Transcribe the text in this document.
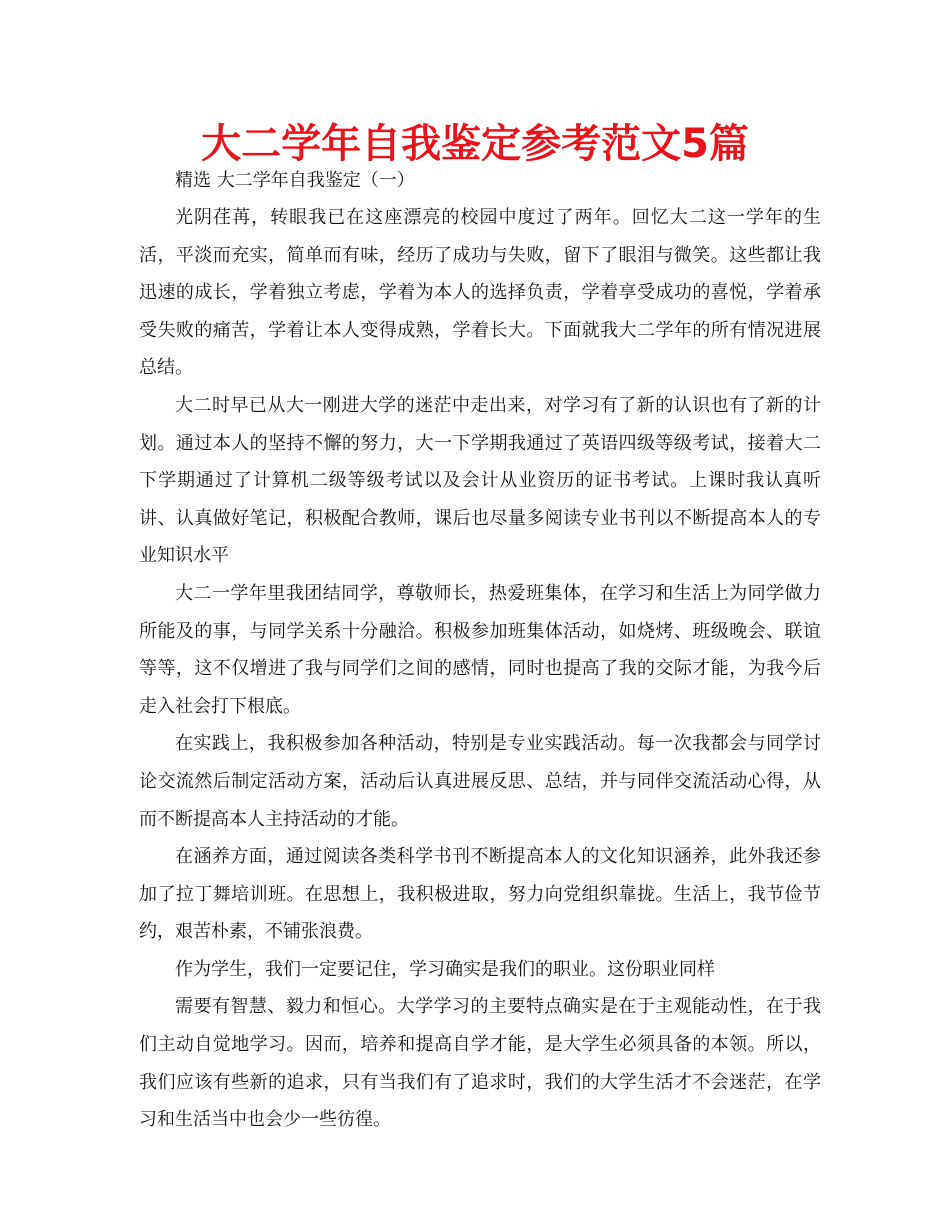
大二学年自我鉴定参考范文5篇

精选 大二学年自我鉴定（一）

光阴荏苒，转眼我已在这座漂亮的校园中度过了两年。回忆大二这一学年的生活，平淡而充实，简单而有味，经历了成功与失败，留下了眼泪与微笑。这些都让我迅速的成长，学着独立考虑，学着为本人的选择负责，学着享受成功的喜悦，学着承受失败的痛苦，学着让本人变得成熟，学着长大。下面就我大二学年的所有情况进展总结。

大二时早已从大一刚进大学的迷茫中走出来，对学习有了新的认识也有了新的计划。通过本人的坚持不懈的努力，大一下学期我通过了英语四级等级考试，接着大二下学期通过了计算机二级等级考试以及会计从业资历的证书考试。上课时我认真听讲、认真做好笔记，积极配合教师，课后也尽量多阅读专业书刊以不断提高本人的专业知识水平

大二一学年里我团结同学，尊敬师长，热爱班集体，在学习和生活上为同学做力所能及的事，与同学关系十分融洽。积极参加班集体活动，如烧烤、班级晚会、联谊等等，这不仅增进了我与同学们之间的感情，同时也提高了我的交际才能，为我今后走入社会打下根底。

在实践上，我积极参加各种活动，特别是专业实践活动。每一次我都会与同学讨论交流然后制定活动方案，活动后认真进展反思、总结，并与同伴交流活动心得，从而不断提高本人主持活动的才能。

在涵养方面，通过阅读各类科学书刊不断提高本人的文化知识涵养，此外我还参加了拉丁舞培训班。在思想上，我积极进取，努力向党组织靠拢。生活上，我节俭节约，艰苦朴素，不铺张浪费。

作为学生，我们一定要记住，学习确实是我们的职业。这份职业同样

需要有智慧、毅力和恒心。大学学习的主要特点确实是在于主观能动性，在于我们主动自觉地学习。因而，培养和提高自学才能，是大学生必须具备的本领。所以，我们应该有些新的追求，只有当我们有了追求时，我们的大学生活才不会迷茫，在学习和生活当中也会少一些彷徨。
